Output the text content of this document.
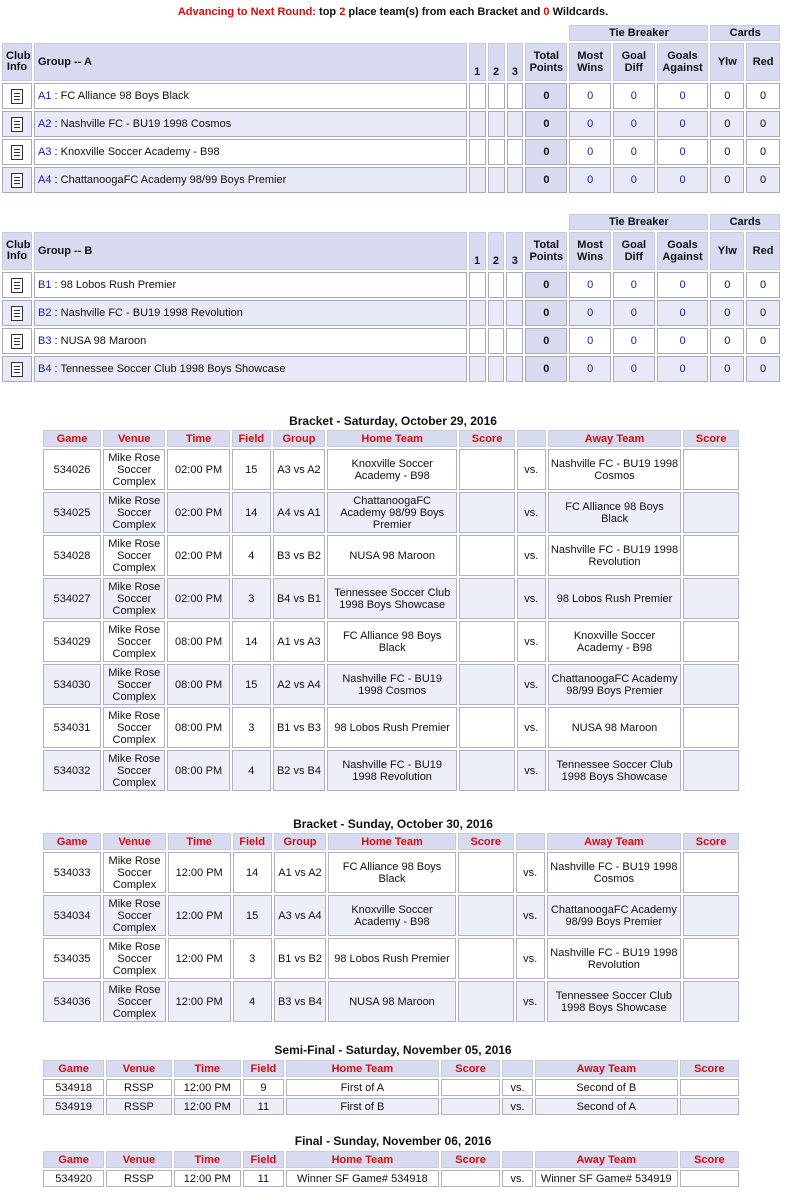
Advancing to Next Round: top 2 place team(s) from each Bracket and 0 Wildcards.
						Tie Breaker			Cards	
Club Info	Group -- A	1	2	3	Total Points	Most Wins	Goal Diff	Goals Against	Ylw	Red
	A1 : FC Alliance 98 Boys Black				0	0	0	0	0	0
	A2 : Nashville FC - BU19 1998 Cosmos				0	0	0	0	0	0
	A3 : Knoxville Soccer Academy - B98				0	0	0	0	0	0
	A4 : ChattanoogaFC Academy 98/99 Boys Premier				0	0	0	0	0	0
						Tie Breaker			Cards	
Club Info	Group -- B	1	2	3	Total Points	Most Wins	Goal Diff	Goals Against	Ylw	Red
	B1 : 98 Lobos Rush Premier				0	0	0	0	0	0
	B2 : Nashville FC - BU19 1998 Revolution				0	0	0	0	0	0
	B3 : NUSA 98 Maroon				0	0	0	0	0	0
	B4 : Tennessee Soccer Club 1998 Boys Showcase				0	0	0	0	0	0
Bracket - Saturday, October 29, 2016
Game	Venue	Time	Field	Group	Home Team	Score		Away Team	Score
534026	Mike Rose Soccer Complex	02:00 PM	15	A3 vs A2	Knoxville Soccer Academy - B98		vs.	Nashville FC - BU19 1998 Cosmos	
534025	Mike Rose Soccer Complex	02:00 PM	14	A4 vs A1	ChattanoogaFC Academy 98/99 Boys Premier		vs.	FC Alliance 98 Boys Black	
534028	Mike Rose Soccer Complex	02:00 PM	4	B3 vs B2	NUSA 98 Maroon		vs.	Nashville FC - BU19 1998 Revolution	
534027	Mike Rose Soccer Complex	02:00 PM	3	B4 vs B1	Tennessee Soccer Club 1998 Boys Showcase		vs.	98 Lobos Rush Premier	
534029	Mike Rose Soccer Complex	08:00 PM	14	A1 vs A3	FC Alliance 98 Boys Black		vs.	Knoxville Soccer Academy - B98	
534030	Mike Rose Soccer Complex	08:00 PM	15	A2 vs A4	Nashville FC - BU19 1998 Cosmos		vs.	ChattanoogaFC Academy 98/99 Boys Premier	
534031	Mike Rose Soccer Complex	08:00 PM	3	B1 vs B3	98 Lobos Rush Premier		vs.	NUSA 98 Maroon	
534032	Mike Rose Soccer Complex	08:00 PM	4	B2 vs B4	Nashville FC - BU19 1998 Revolution		vs.	Tennessee Soccer Club 1998 Boys Showcase	
Bracket - Sunday, October 30, 2016
Game	Venue	Time	Field	Group	Home Team	Score		Away Team	Score
534033	Mike Rose Soccer Complex	12:00 PM	14	A1 vs A2	FC Alliance 98 Boys Black		vs.	Nashville FC - BU19 1998 Cosmos	
534034	Mike Rose Soccer Complex	12:00 PM	15	A3 vs A4	Knoxville Soccer Academy - B98		vs.	ChattanoogaFC Academy 98/99 Boys Premier	
534035	Mike Rose Soccer Complex	12:00 PM	3	B1 vs B2	98 Lobos Rush Premier		vs.	Nashville FC - BU19 1998 Revolution	
534036	Mike Rose Soccer Complex	12:00 PM	4	B3 vs B4	NUSA 98 Maroon		vs.	Tennessee Soccer Club 1998 Boys Showcase	
Semi-Final - Saturday, November 05, 2016
Game	Venue	Time	Field	Home Team	Score		Away Team	Score
534918	RSSP	12:00 PM	9	First of A		vs.	Second of B	
534919	RSSP	12:00 PM	11	First of B		vs.	Second of A	
Final - Sunday, November 06, 2016
Game	Venue	Time	Field	Home Team	Score		Away Team	Score
534920	RSSP	12:00 PM	11	Winner SF Game# 534918		vs.	Winner SF Game# 534919	
